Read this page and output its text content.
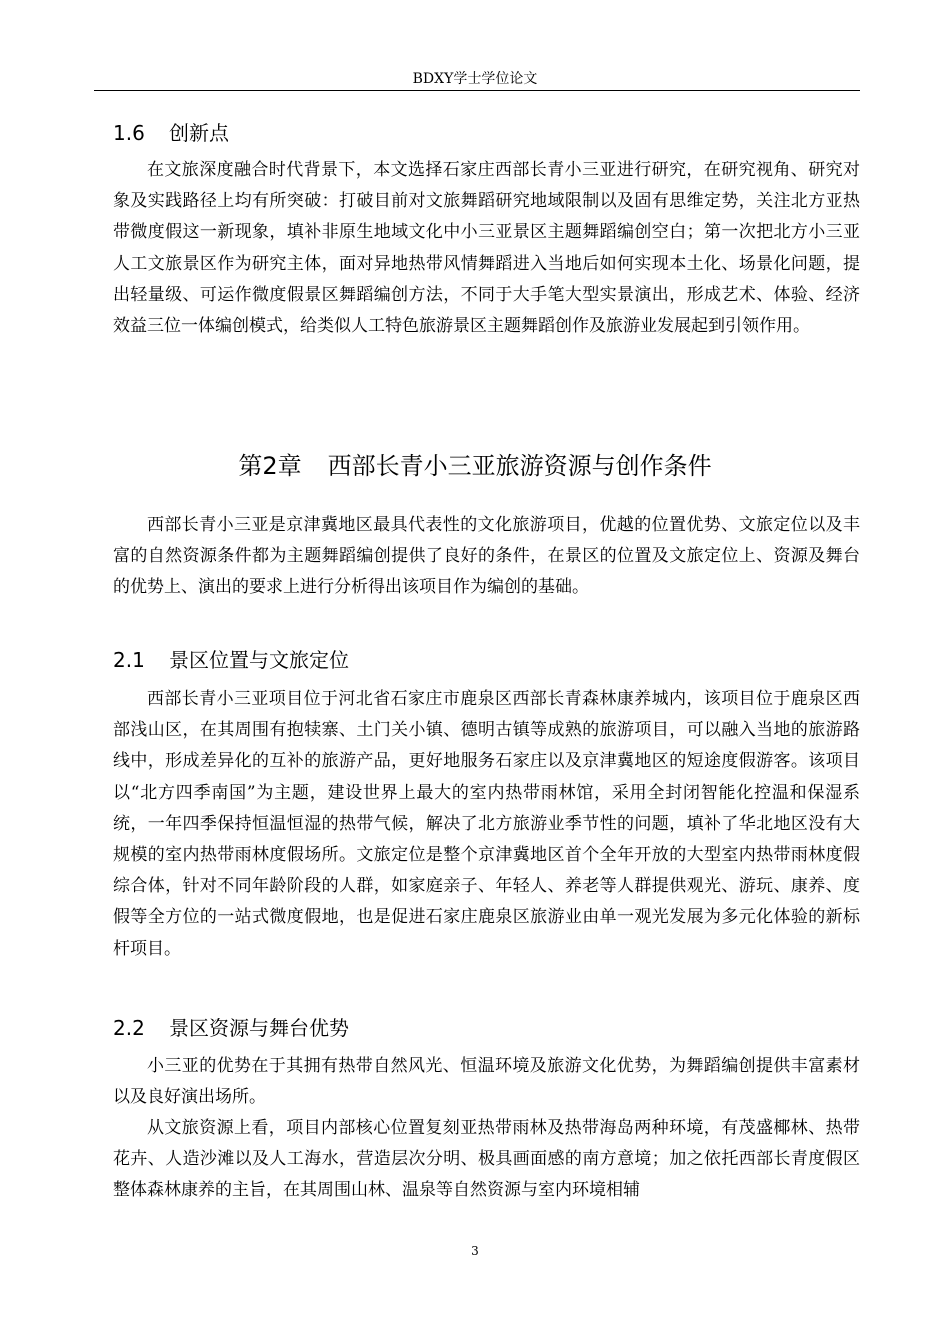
BDXY学士学位论文
1.6 创新点

在文旅深度融合时代背景下，本文选择石家庄西部长青小三亚进行研究，在研究视角、研究对象及实践路径上均有所突破：打破目前对文旅舞蹈研究地域限制以及固有思维定势，关注北方亚热带微度假这一新现象，填补非原生地域文化中小三亚景区主题舞蹈编创空白；第一次把北方小三亚人工文旅景区作为研究主体，面对异地热带风情舞蹈进入当地后如何实现本土化、场景化问题，提出轻量级、可运作微度假景区舞蹈编创方法，不同于大手笔大型实景演出，形成艺术、体验、经济效益三位一体编创模式，给类似人工特色旅游景区主题舞蹈创作及旅游业发展起到引领作用。

第2章 西部长青小三亚旅游资源与创作条件

西部长青小三亚是京津冀地区最具代表性的文化旅游项目，优越的位置优势、文旅定位以及丰富的自然资源条件都为主题舞蹈编创提供了良好的条件，在景区的位置及文旅定位上、资源及舞台的优势上、演出的要求上进行分析得出该项目作为编创的基础。

2.1 景区位置与文旅定位

西部长青小三亚项目位于河北省石家庄市鹿泉区西部长青森林康养城内，该项目位于鹿泉区西部浅山区，在其周围有抱犊寨、土门关小镇、德明古镇等成熟的旅游项目，可以融入当地的旅游路线中，形成差异化的互补的旅游产品，更好地服务石家庄以及京津冀地区的短途度假游客。该项目以“北方四季南国”为主题，建设世界上最大的室内热带雨林馆，采用全封闭智能化控温和保湿系统，一年四季保持恒温恒湿的热带气候，解决了北方旅游业季节性的问题，填补了华北地区没有大规模的室内热带雨林度假场所。文旅定位是整个京津冀地区首个全年开放的大型室内热带雨林度假综合体，针对不同年龄阶段的人群，如家庭亲子、年轻人、养老等人群提供观光、游玩、康养、度假等全方位的一站式微度假地，也是促进石家庄鹿泉区旅游业由单一观光发展为多元化体验的新标杆项目。

2.2 景区资源与舞台优势

小三亚的优势在于其拥有热带自然风光、恒温环境及旅游文化优势，为舞蹈编创提供丰富素材以及良好演出场所。

从文旅资源上看，项目内部核心位置复刻亚热带雨林及热带海岛两种环境，有茂盛椰林、热带花卉、人造沙滩以及人工海水，营造层次分明、极具画面感的南方意境；加之依托西部长青度假区整体森林康养的主旨，在其周围山林、温泉等自然资源与室内环境相辅

3
